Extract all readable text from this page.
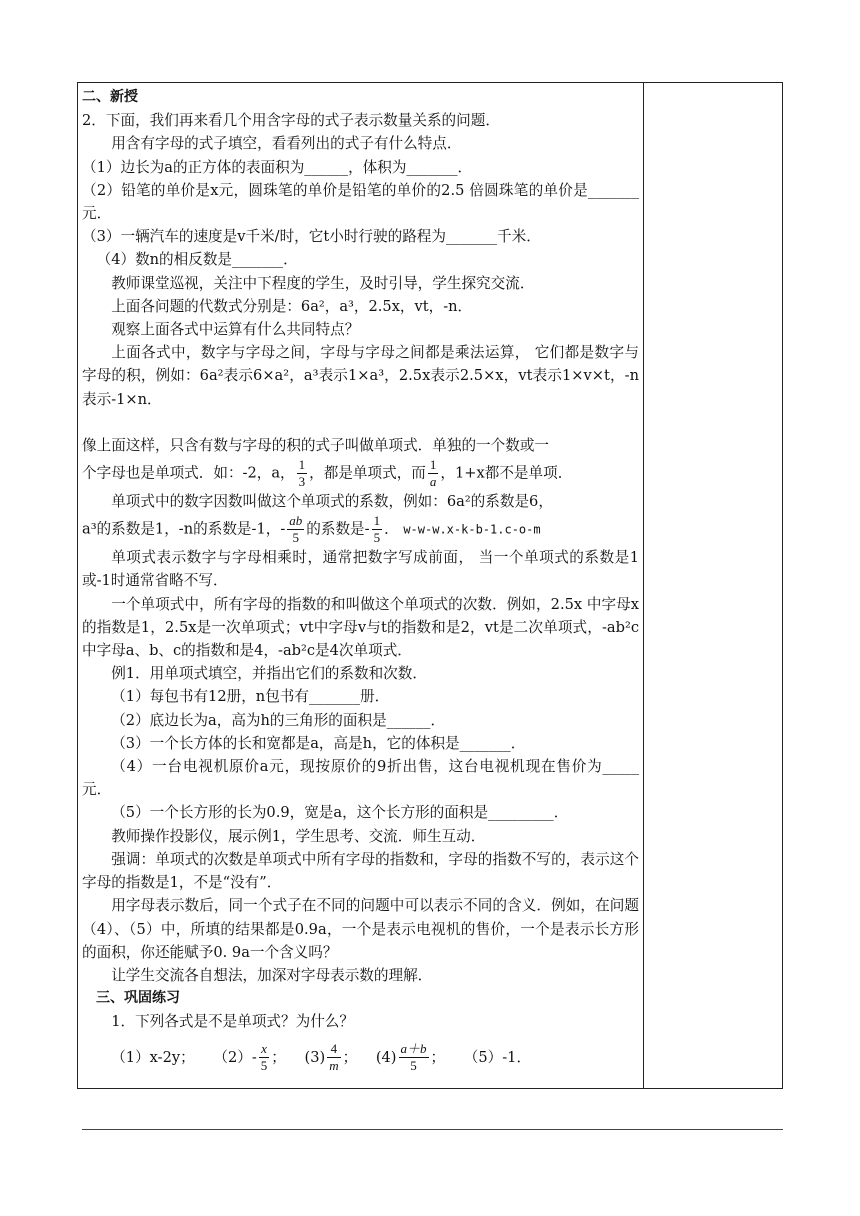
二、新授

2．下面，我们再来看几个用含字母的式子表示数量关系的问题．

用含有字母的式子填空，看看列出的式子有什么特点．

（1）边长为a的正方体的表面积为______，体积为_______．

（2）铅笔的单价是x元，圆珠笔的单价是铅笔的单价的2.5 倍圆珠笔的单价是_______元．

（3）一辆汽车的速度是v千米/时，它t小时行驶的路程为_______千米．

（4）数n的相反数是_______．

教师课堂巡视，关注中下程度的学生，及时引导，学生探究交流．

上面各问题的代数式分别是：6a²，a³，2.5x，vt，-n．

观察上面各式中运算有什么共同特点？

上面各式中，数字与字母之间，字母与字母之间都是乘法运算， 它们都是数字与字母的积，例如：6a²表示6×a²，a³表示1×a³，2.5x表示2.5×x，vt表示1×v×t，-n 表示-1×n．

像上面这样，只含有数与字母的积的式子叫做单项式．单独的一个数或一

个字母也是单项式．如：-2，a， $\frac{1}{3}$ ，都是单项式，而 $\frac{1}{a}$ ，1+x都不是单项．

单项式中的数字因数叫做这个单项式的系数，例如：6a²的系数是6，

a³的系数是1，-n的系数是-1，- $\frac{ab}{5}$ 的系数是- $\frac{1}{5}$ ． w-w-w.x-k-b-1.c-o-m

单项式表示数字与字母相乘时，通常把数字写成前面， 当一个单项式的系数是1或-1时通常省略不写．

一个单项式中，所有字母的指数的和叫做这个单项式的次数．例如，2.5x 中字母x的指数是1，2.5x是一次单项式；vt中字母v与t的指数和是2，vt是二次单项式，-ab²c中字母a、b、c的指数和是4，-ab²c是4次单项式．

例1．用单项式填空，并指出它们的系数和次数．

（1）每包书有12册，n包书有_______册．

（2）底边长为a，高为h的三角形的面积是______．

（3）一个长方体的长和宽都是a，高是h，它的体积是_______．

（4）一台电视机原价a元，现按原价的9折出售，这台电视机现在售价为_____元．

（5）一个长方形的长为0.9，宽是a，这个长方形的面积是_________．

教师操作投影仪，展示例1，学生思考、交流．师生互动．

强调：单项式的次数是单项式中所有字母的指数和，字母的指数不写的，表示这个字母的指数是1，不是“没有”．

用字母表示数后，同一个式子在不同的问题中可以表示不同的含义．例如，在问题（4）、（5）中，所填的结果都是0.9a，一个是表示电视机的售价，一个是表示长方形的面积，你还能赋予0. 9a一个含义吗？

让学生交流各自想法，加深对字母表示数的理解．

三、巩固练习

1．下列各式是不是单项式？为什么？

（1）x-2y； $(2)- \frac{x}{5}$ ； $(3) \frac{4}{m}$ ； $(4) \frac{a+b}{5}$ ； （5）-1．
